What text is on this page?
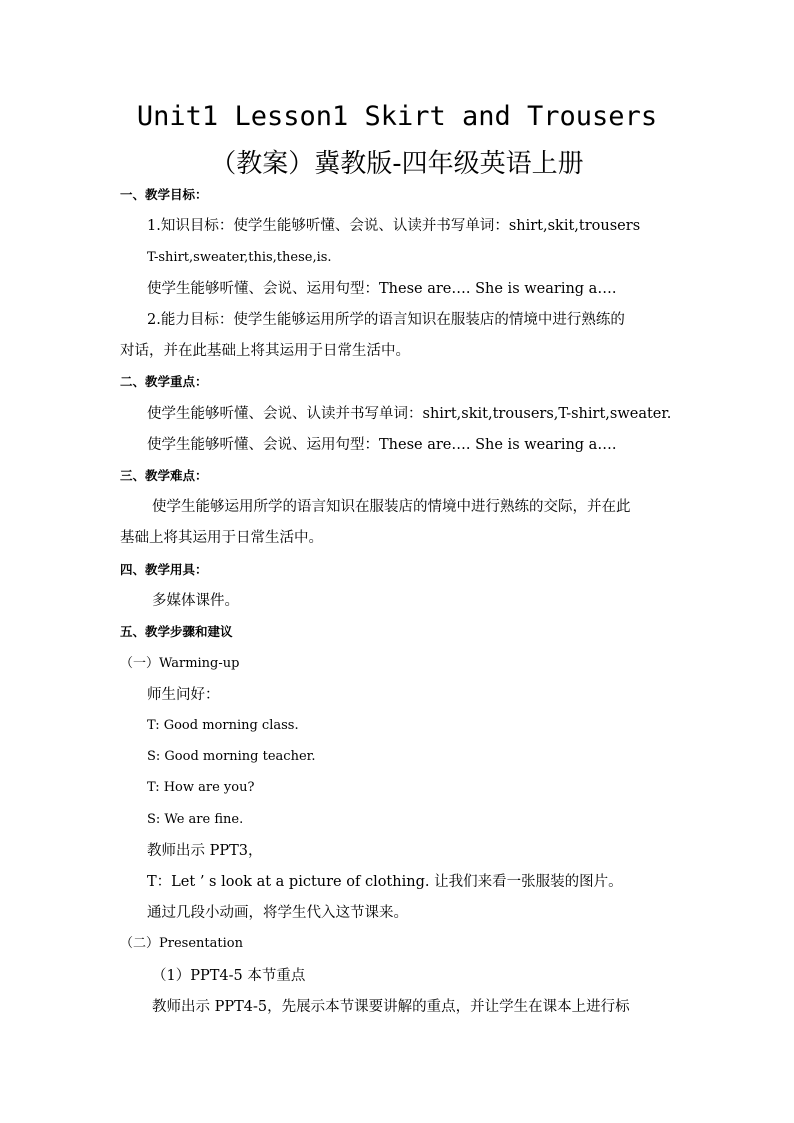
Unit1 Lesson1 Skirt and Trousers
（教案）冀教版-四年级英语上册
一、教学目标：
1.知识目标：使学生能够听懂、会说、认读并书写单词：shirt,skit,trousers
T-shirt,sweater,this,these,is.
使学生能够听懂、会说、运用句型：These are…. She is wearing a….
2.能力目标：使学生能够运用所学的语言知识在服装店的情境中进行熟练的
对话，并在此基础上将其运用于日常生活中。
二、教学重点：
使学生能够听懂、会说、认读并书写单词：shirt,skit,trousers,T-shirt,sweater.
使学生能够听懂、会说、运用句型：These are…. She is wearing a….
三、教学难点：
使学生能够运用所学的语言知识在服装店的情境中进行熟练的交际，并在此
基础上将其运用于日常生活中。
四、教学用具：
多媒体课件。
五、教学步骤和建议
（一）Warming-up
师生问好：
T: Good morning class.
S: Good morning teacher.
T: How are you?
S: We are fine.
教师出示 PPT3，
T：Let ’ s look at a picture of clothing. 让我们来看一张服装的图片。
通过几段小动画，将学生代入这节课来。
（二）Presentation
（1）PPT4-5 本节重点
教师出示 PPT4-5，先展示本节课要讲解的重点，并让学生在课本上进行标
